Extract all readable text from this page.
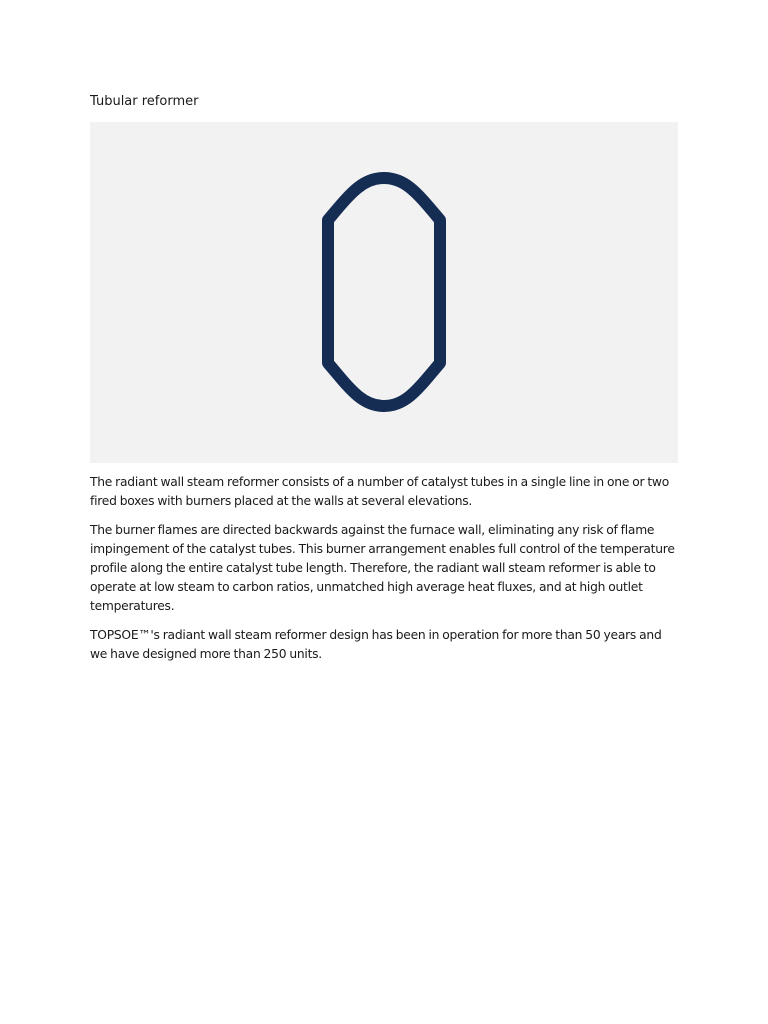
Tubular reformer

The radiant wall steam reformer consists of a number of catalyst tubes in a single line in one or two fired boxes with burners placed at the walls at several elevations.

The burner flames are directed backwards against the furnace wall, eliminating any risk of flame impingement of the catalyst tubes. This burner arrangement enables full control of the temperature profile along the entire catalyst tube length. Therefore, the radiant wall steam reformer is able to operate at low steam to carbon ratios, unmatched high average heat fluxes, and at high outlet temperatures.

TOPSOE™'s radiant wall steam reformer design has been in operation for more than 50 years and we have designed more than 250 units.
